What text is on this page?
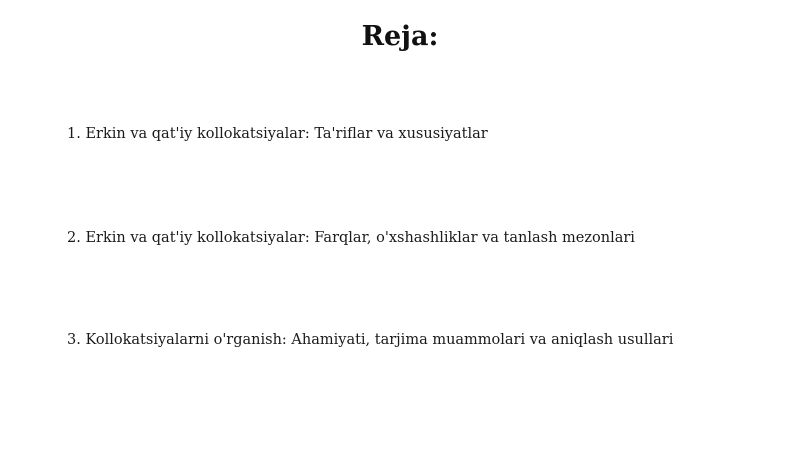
Reja:
1. Erkin va qat'iy kollokatsiyalar: Ta'riflar va xususiyatlar
2. Erkin va qat'iy kollokatsiyalar: Farqlar, o'xshashliklar va tanlash mezonlari
3. Kollokatsiyalarni o'rganish: Ahamiyati, tarjima muammolari va aniqlash usullari
